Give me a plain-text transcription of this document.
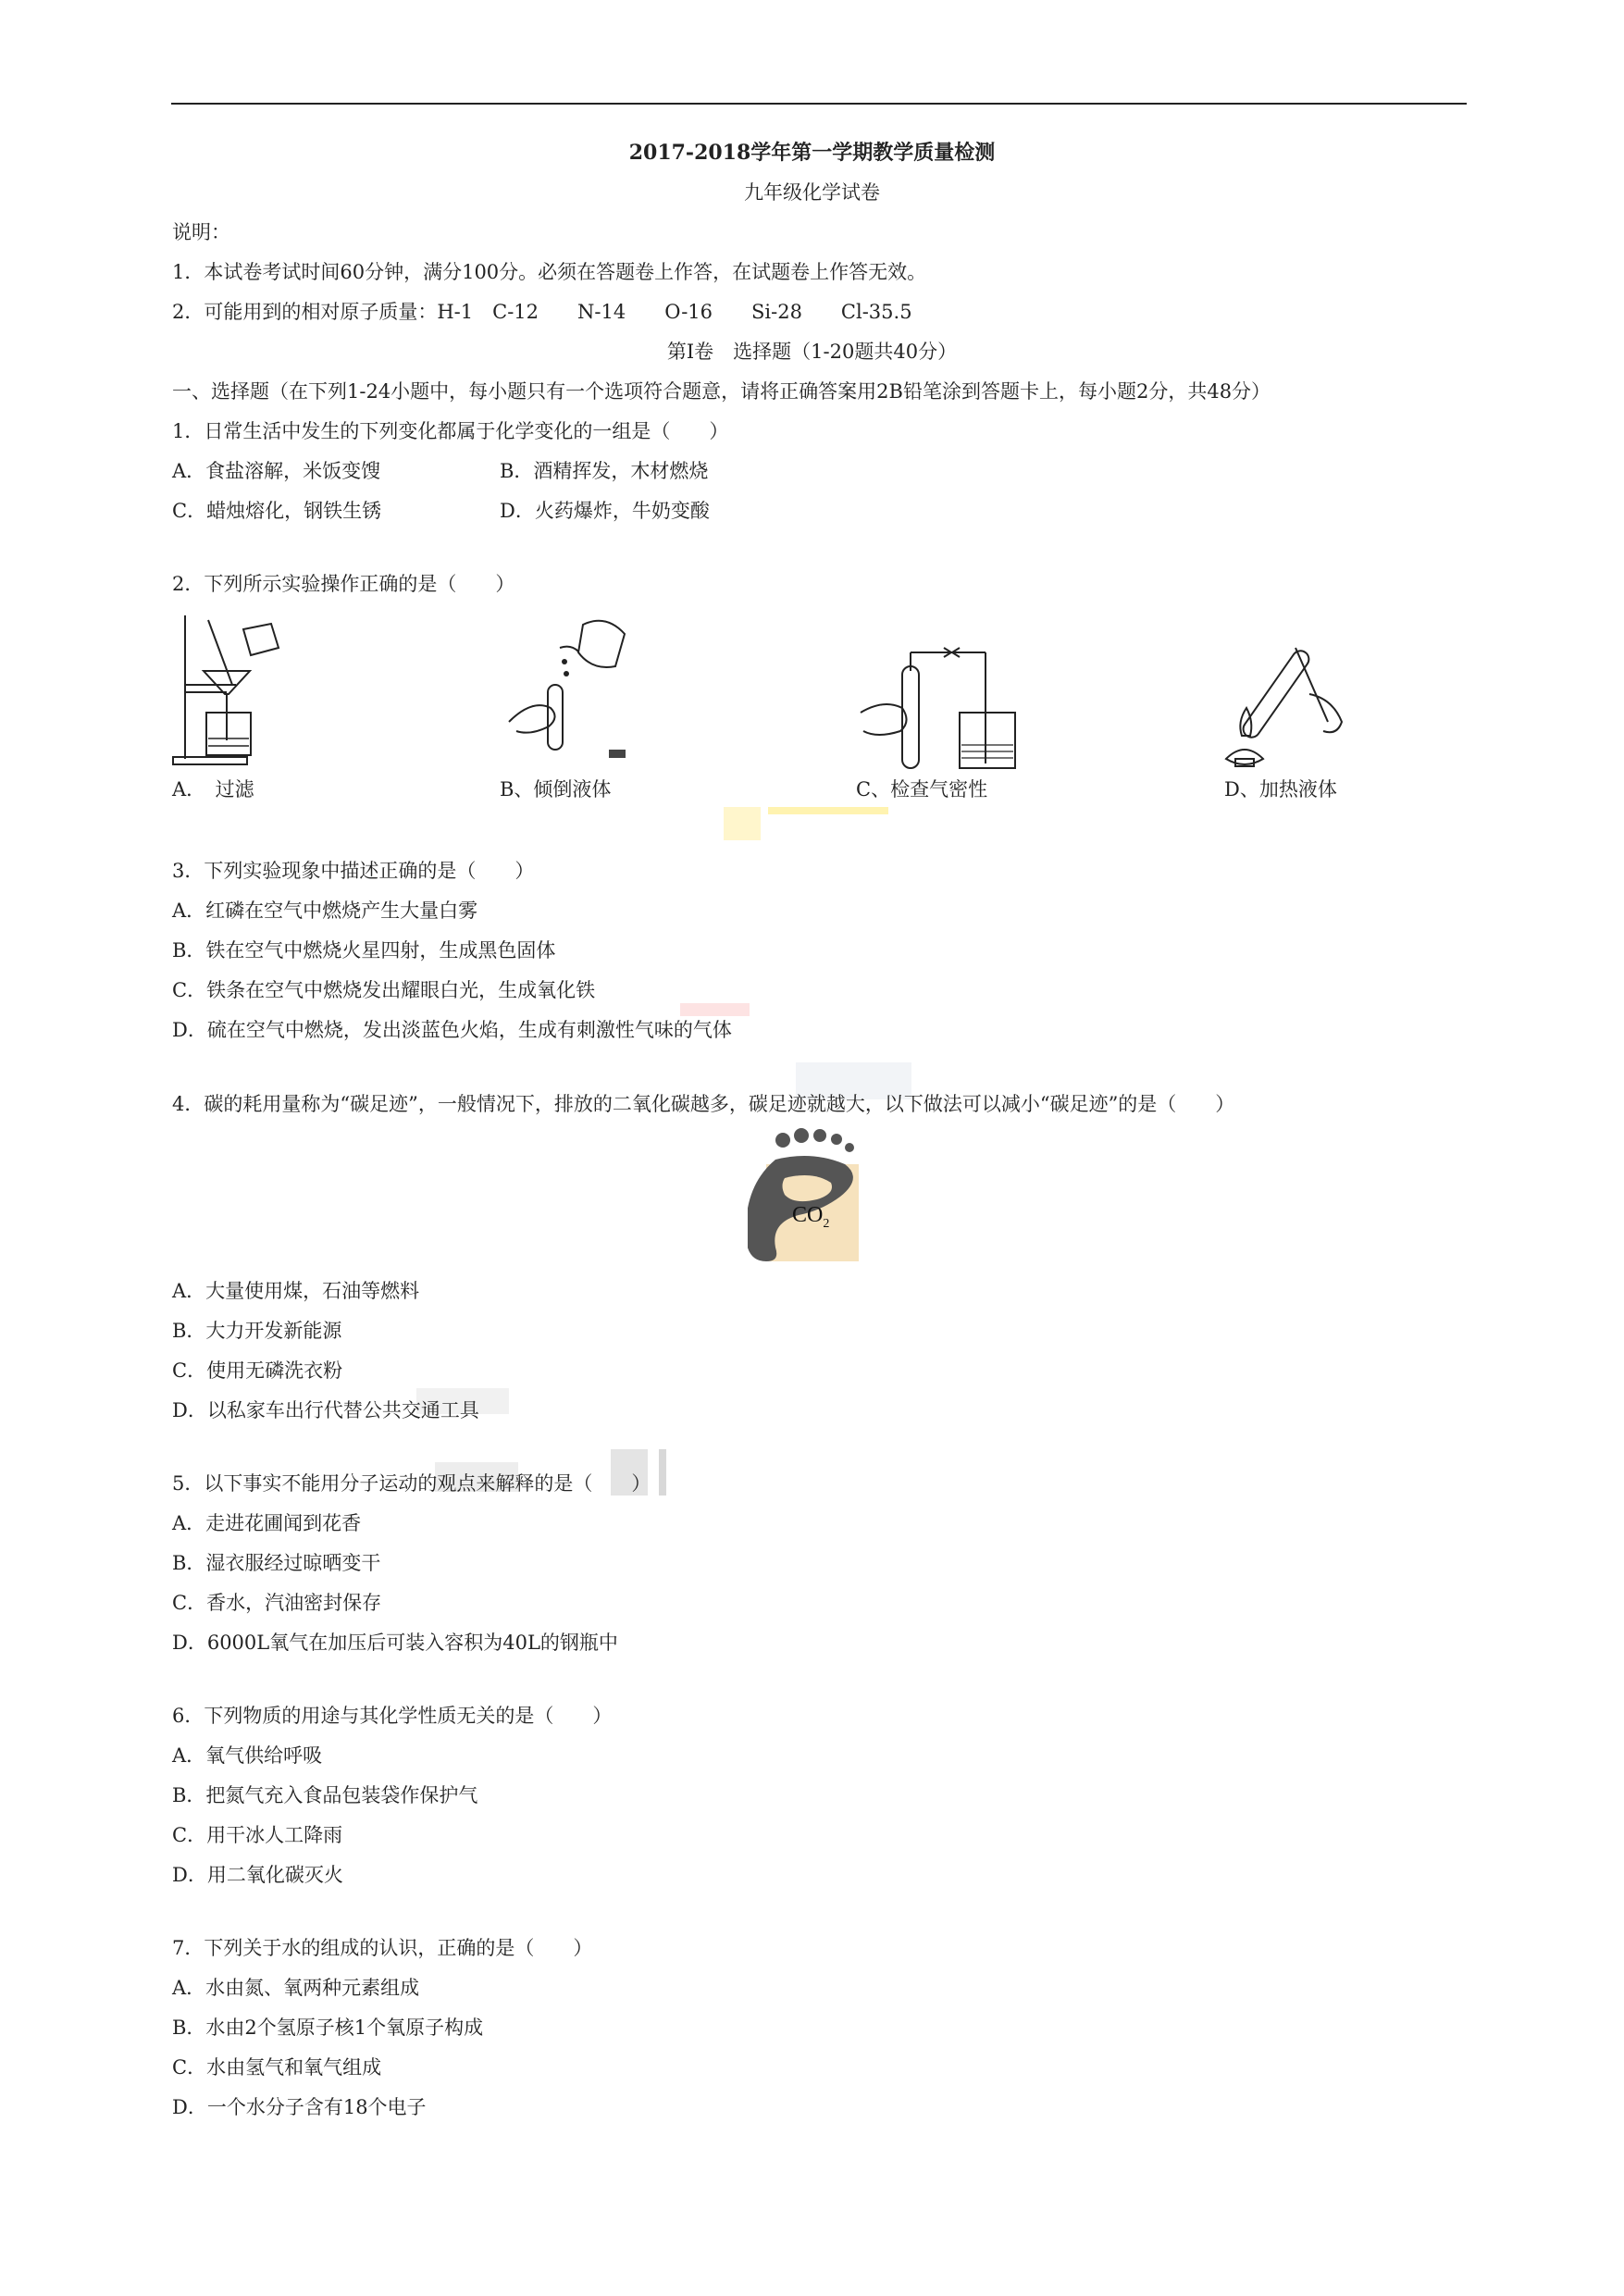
2017-2018学年第一学期教学质量检测
九年级化学试卷
说明：
1．本试卷考试时间60分钟，满分100分。必须在答题卷上作答，在试题卷上作答无效。
2．可能用到的相对原子质量：H-1　C-12　　N-14　　O-16　　Si-28　　Cl-35.5
第Ⅰ卷　选择题（1-20题共40分）
一、选择题（在下列1-24小题中，每小题只有一个选项符合题意，请将正确答案用2B铅笔涂到答题卡上，每小题2分，共48分）
1．日常生活中发生的下列变化都属于化学变化的一组是（　　）
A．食盐溶解，米饭变馊	B．酒精挥发，木材燃烧
C．蜡烛熔化，钢铁生锈	D．火药爆炸，牛奶变酸
2．下列所示实验操作正确的是（　　）
A．　过滤	B、倾倒液体	C、检查气密性	D、加热液体
3．下列实验现象中描述正确的是（　　）
A．红磷在空气中燃烧产生大量白雾
B．铁在空气中燃烧火星四射，生成黑色固体
C．铁条在空气中燃烧发出耀眼白光，生成氧化铁
D．硫在空气中燃烧，发出淡蓝色火焰，生成有刺激性气味的气体
4．碳的耗用量称为“碳足迹”，一般情况下，排放的二氧化碳越多，碳足迹就越大，以下做法可以减小“碳足迹”的是（　　）
$CO_2$
A．大量使用煤，石油等燃料
B．大力开发新能源
C．使用无磷洗衣粉
D．以私家车出行代替公共交通工具
5．以下事实不能用分子运动的观点来解释的是（　　）
A．走进花圃闻到花香
B．湿衣服经过晾晒变干
C．香水，汽油密封保存
D．6000L氧气在加压后可装入容积为40L的钢瓶中
6．下列物质的用途与其化学性质无关的是（　　）
A．氧气供给呼吸
B．把氮气充入食品包装袋作保护气
C．用干冰人工降雨
D．用二氧化碳灭火
7．下列关于水的组成的认识，正确的是（　　）
A．水由氮、氧两种元素组成
B．水由2个氢原子核1个氧原子构成
C．水由氢气和氧气组成
D．一个水分子含有18个电子
